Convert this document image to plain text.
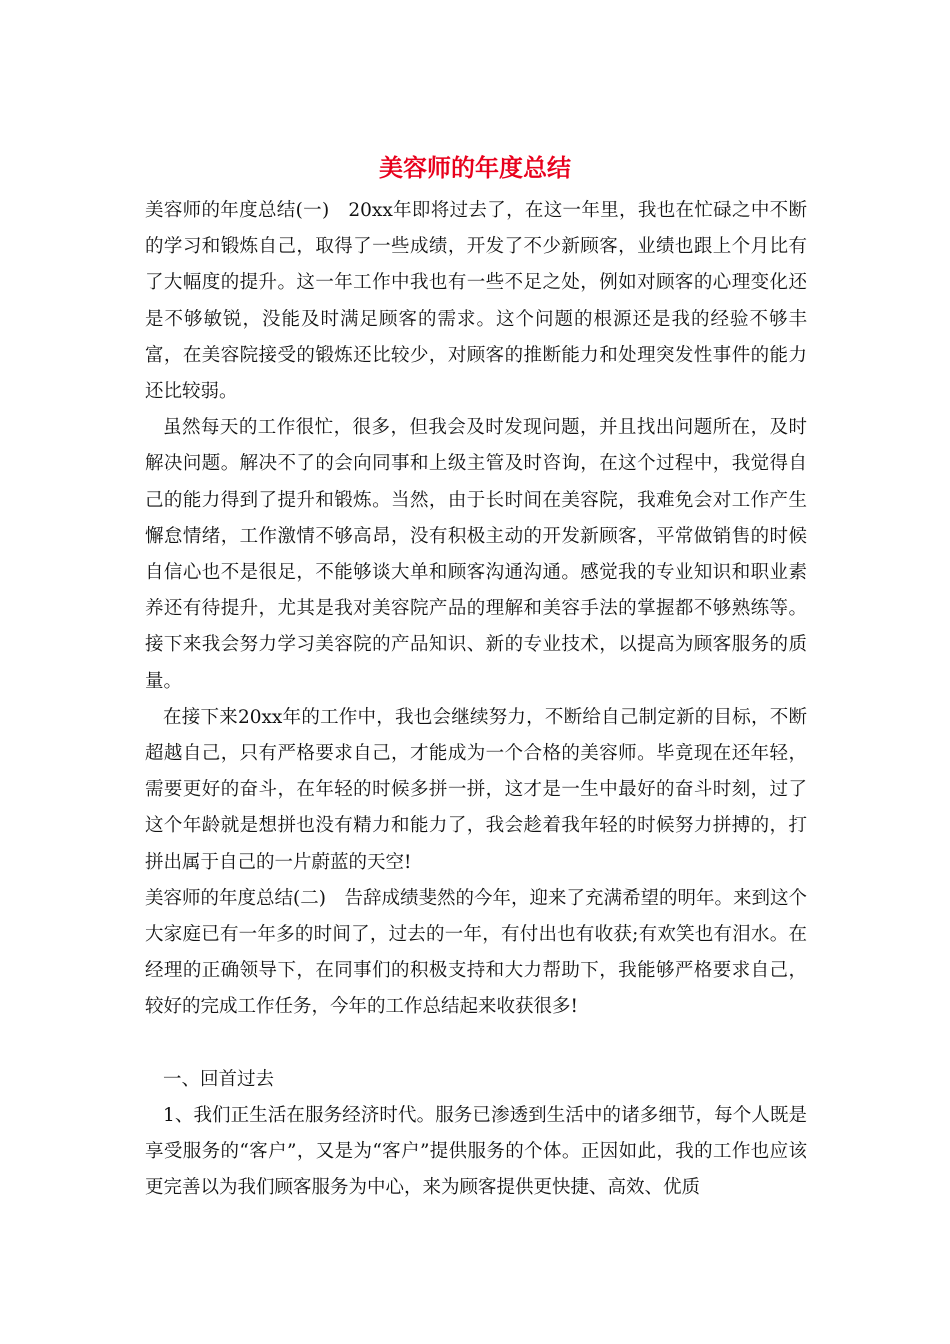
美容师的年度总结

美容师的年度总结(一)　20xx年即将过去了，在这一年里，我也在忙碌之中不断的学习和锻炼自己，取得了一些成绩，开发了不少新顾客，业绩也跟上个月比有了大幅度的提升。这一年工作中我也有一些不足之处，例如对顾客的心理变化还是不够敏锐，没能及时满足顾客的需求。这个问题的根源还是我的经验不够丰富，在美容院接受的锻炼还比较少，对顾客的推断能力和处理突发性事件的能力还比较弱。

虽然每天的工作很忙，很多，但我会及时发现问题，并且找出问题所在，及时解决问题。解决不了的会向同事和上级主管及时咨询，在这个过程中，我觉得自己的能力得到了提升和锻炼。当然，由于长时间在美容院，我难免会对工作产生懈怠情绪，工作激情不够高昂，没有积极主动的开发新顾客，平常做销售的时候自信心也不是很足，不能够谈大单和顾客沟通沟通。感觉我的专业知识和职业素养还有待提升，尤其是我对美容院产品的理解和美容手法的掌握都不够熟练等。接下来我会努力学习美容院的产品知识、新的专业技术，以提高为顾客服务的质量。

在接下来20xx年的工作中，我也会继续努力，不断给自己制定新的目标，不断超越自己，只有严格要求自己，才能成为一个合格的美容师。毕竟现在还年轻，需要更好的奋斗，在年轻的时候多拼一拼，这才是一生中最好的奋斗时刻，过了这个年龄就是想拼也没有精力和能力了，我会趁着我年轻的时候努力拼搏的，打拼出属于自己的一片蔚蓝的天空!

美容师的年度总结(二)　告辞成绩斐然的今年，迎来了充满希望的明年。来到这个大家庭已有一年多的时间了，过去的一年，有付出也有收获;有欢笑也有泪水。在经理的正确领导下，在同事们的积极支持和大力帮助下，我能够严格要求自己，较好的完成工作任务，今年的工作总结起来收获很多!

一、回首过去

1、我们正生活在服务经济时代。服务已渗透到生活中的诸多细节，每个人既是享受服务的“客户”，又是为“客户”提供服务的个体。正因如此，我的工作也应该更完善以为我们顾客服务为中心，来为顾客提供更快捷、高效、优质
